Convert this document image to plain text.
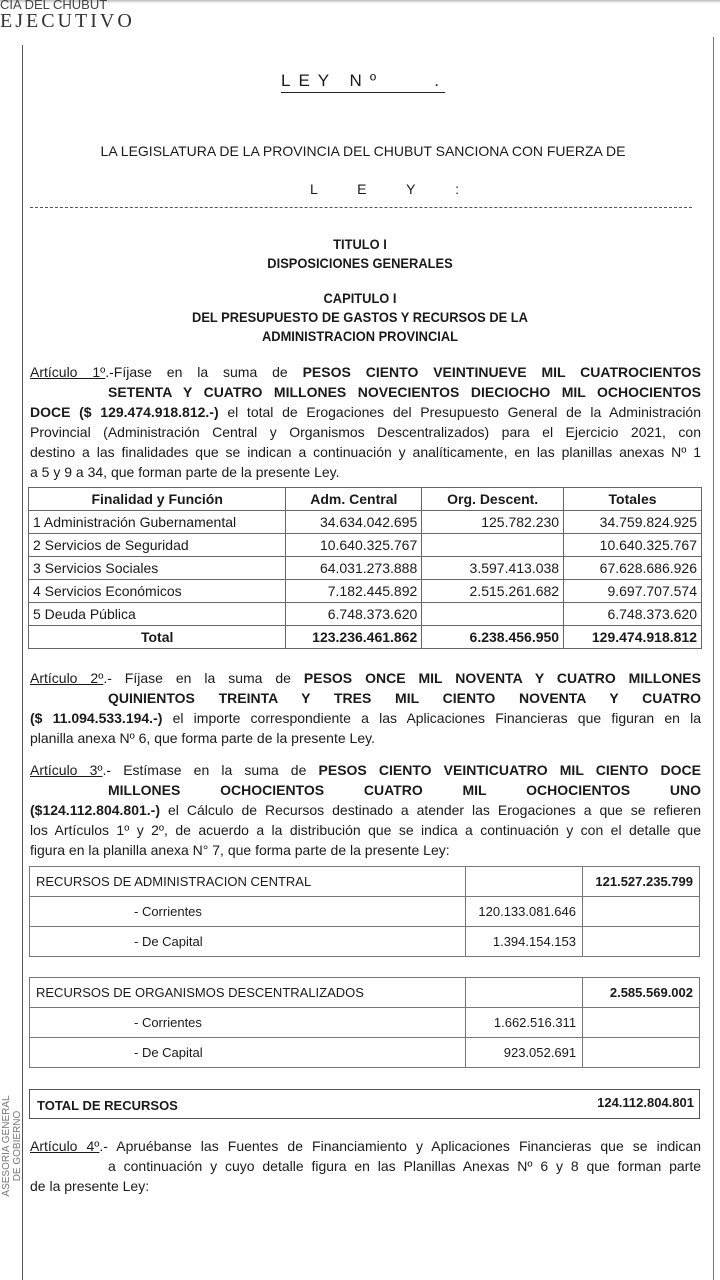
CIA DEL CHUBUT
EJECUTIVO
ASESORIA GENERAL DE GOBIERNO
LEY Nº	.
LA LEGISLATURA DE LA PROVINCIA DEL CHUBUT SANCIONA CON FUERZA DE
L E Y :
TITULO I
DISPOSICIONES GENERALES
CAPITULO I
DEL PRESUPUESTO DE GASTOS Y RECURSOS DE LA
ADMINISTRACION PROVINCIAL
Artículo 1º.-Fíjase en la suma de PESOS CIENTO VEINTINUEVE MIL CUATROCIENTOS
SETENTA Y CUATRO MILLONES NOVECIENTOS DIECIOCHO MIL OCHOCIENTOS
DOCE ($ 129.474.918.812.-) el total de Erogaciones del Presupuesto General de la Administración
Provincial (Administración Central y Organismos Descentralizados) para el Ejercicio 2021, con
destino a las finalidades que se indican a continuación y analíticamente, en las planillas anexas Nº 1
a 5 y 9 a 34, que forman parte de la presente Ley.
Finalidad y Función	Adm. Central	Org. Descent.	Totales
1 Administración Gubernamental	34.634.042.695	125.782.230	34.759.824.925
2 Servicios de Seguridad	10.640.325.767		10.640.325.767
3 Servicios Sociales	64.031.273.888	3.597.413.038	67.628.686.926
4 Servicios Económicos	7.182.445.892	2.515.261.682	9.697.707.574
5 Deuda Pública	6.748.373.620		6.748.373.620
Total	123.236.461.862	6.238.456.950	129.474.918.812
Artículo 2º.- Fíjase en la suma de PESOS ONCE MIL NOVENTA Y CUATRO MILLONES
QUINIENTOS TREINTA Y TRES MIL CIENTO NOVENTA Y CUATRO
($ 11.094.533.194.-) el importe correspondiente a las Aplicaciones Financieras que figuran en la
planilla anexa Nº 6, que forma parte de la presente Ley.
Artículo 3º.- Estímase en la suma de PESOS CIENTO VEINTICUATRO MIL CIENTO DOCE
MILLONES OCHOCIENTOS CUATRO MIL OCHOCIENTOS UNO
($124.112.804.801.-) el Cálculo de Recursos destinado a atender las Erogaciones a que se refieren
los Artículos 1º y 2º, de acuerdo a la distribución que se indica a continuación y con el detalle que
figura en la planilla anexa N° 7, que forma parte de la presente Ley:
RECURSOS DE ADMINISTRACION CENTRAL		121.527.235.799
- Corrientes	120.133.081.646	
- De Capital	1.394.154.153	
RECURSOS DE ORGANISMOS DESCENTRALIZADOS		2.585.569.002
- Corrientes	1.662.516.311	
- De Capital	923.052.691	
TOTAL DE RECURSOS	124.112.804.801
Artículo 4º.- Apruébanse las Fuentes de Financiamiento y Aplicaciones Financieras que se indican
a continuación y cuyo detalle figura en las Planillas Anexas Nº 6 y 8 que forman parte
de la presente Ley:
